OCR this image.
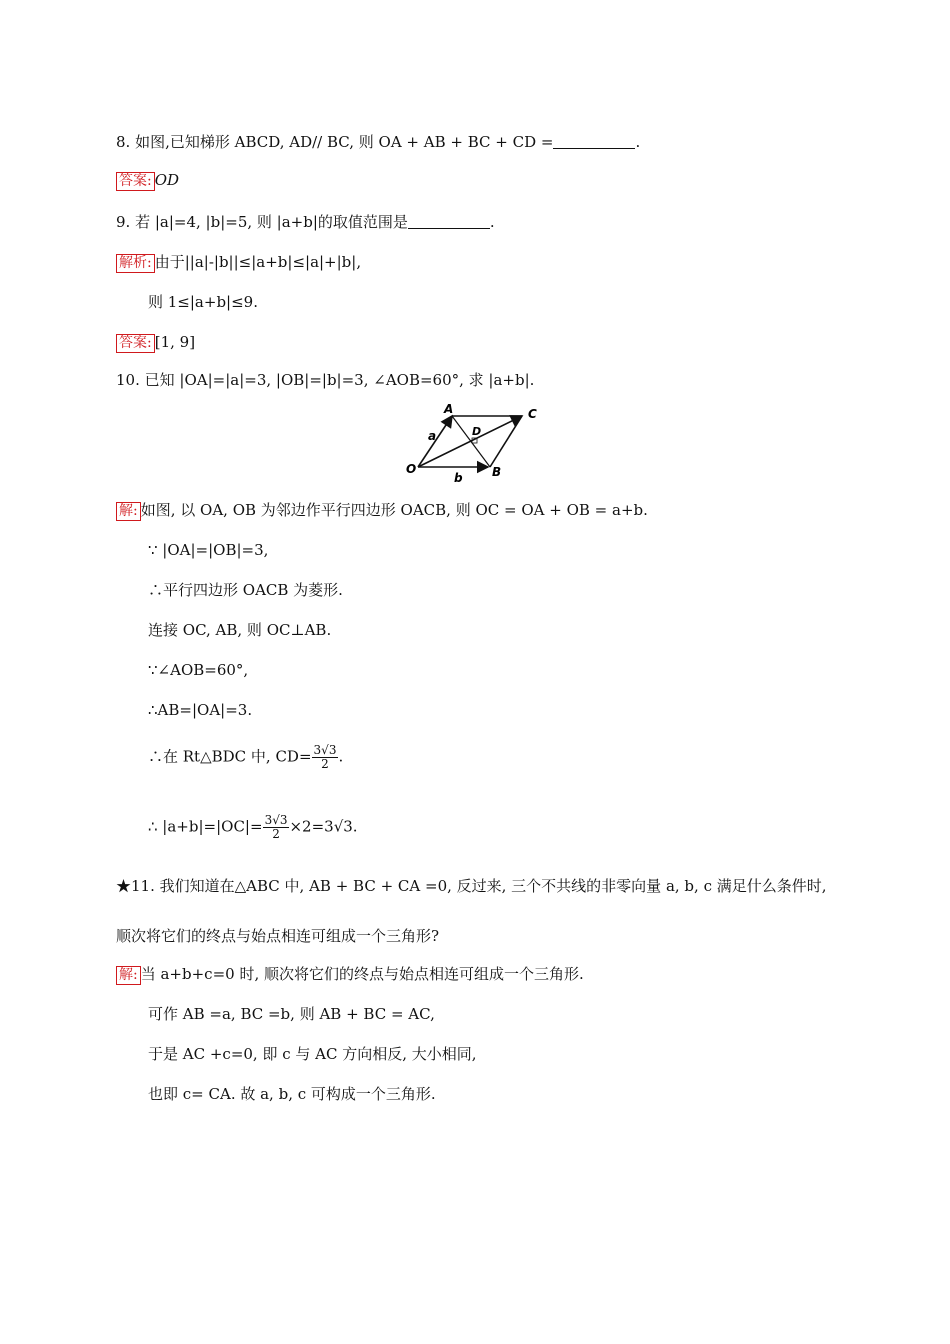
8. 如图,已知梯形 ABCD, AD// BC, 则 OA + AB + BC + CD =	.
答案: OD
9. 若 |a|=4, |b|=5, 则 |a+b|的取值范围是	.
解析: 由于||a|-|b||≤|a+b|≤|a|+|b|,
则 1≤|a+b|≤9.
答案: [1, 9]
10. 已知 |OA|=|a|=3, |OB|=|b|=3, ∠AOB=60°, 求 |a+b|.
A	C
B
D
O
a
b
解: 如图, 以 OA, OB 为邻边作平行四边形 OACB, 则 OC = OA + OB = a+b.
∵ |OA|=|OB|=3,
∴平行四边形 OACB 为菱形.
连接 OC, AB, 则 OC⊥AB.
∵∠AOB=60°,
∴AB=|OA|=3.
∴在 Rt△BDC 中, $CD= \frac{3√3}{2}$ .
∴ $|a+b|=|OC|= \frac{3√3}{2} \times 2=3√3$.
★11. 我们知道在△ABC 中, AB + BC + CA =0, 反过来, 三个不共线的非零向量 a, b, c 满足什么条件时,
顺次将它们的终点与始点相连可组成一个三角形?
解: 当 a+b+c=0 时, 顺次将它们的终点与始点相连可组成一个三角形.
可作 AB =a, BC =b, 则 AB + BC = AC,
于是 AC +c=0, 即 c 与 AC 方向相反, 大小相同,
也即 c= CA. 故 a, b, c 可构成一个三角形.
